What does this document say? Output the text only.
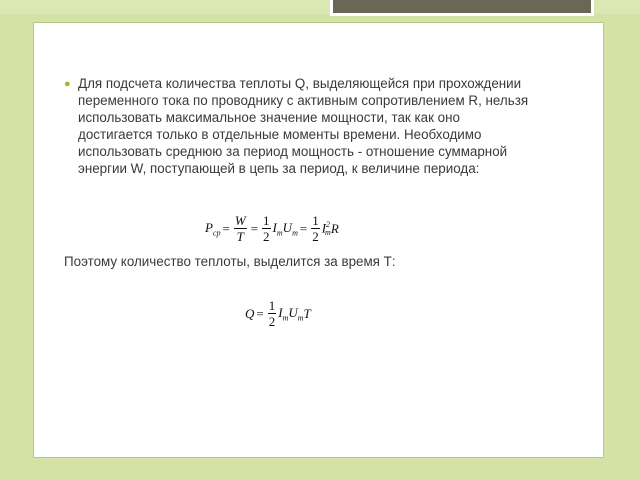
● Для подсчета количества теплоты Q, выделяющейся при прохождении переменного тока по проводнику с активным сопротивлением R, нельзя использовать максимальное значение мощности, так как оно достигается только в отдельные моменты времени. Необходимо использовать среднюю за период мощность - отношение суммарной энергии W, поступающей в цепь за период, к величине периода:
$P_{ср} = \frac{W}{T} = \frac{1}{2} I_m$ $U_m = \frac{1}{2} I^2_m$ R
Поэтому количество теплоты, выделится за время Т:
$Q = \frac{1}{2} I_m$ $U_m$ T
